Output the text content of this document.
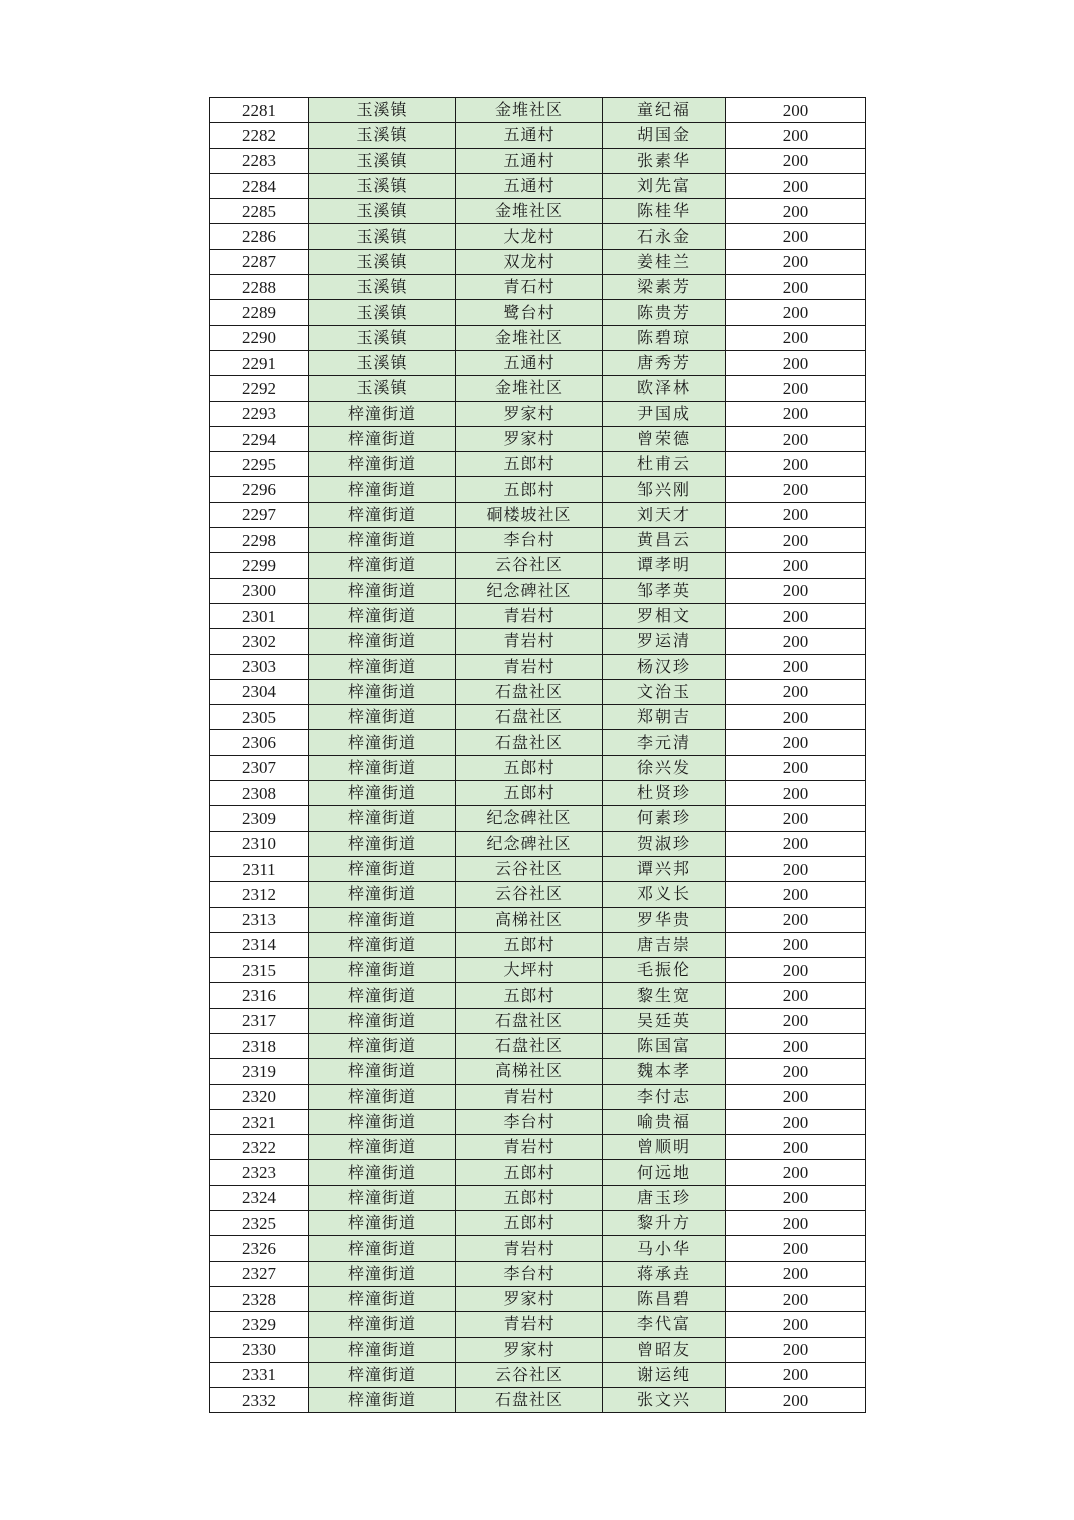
2281	玉溪镇	金堆社区	童纪福	200
2282	玉溪镇	五通村	胡国金	200
2283	玉溪镇	五通村	张素华	200
2284	玉溪镇	五通村	刘先富	200
2285	玉溪镇	金堆社区	陈桂华	200
2286	玉溪镇	大龙村	石永金	200
2287	玉溪镇	双龙村	姜桂兰	200
2288	玉溪镇	青石村	梁素芳	200
2289	玉溪镇	鹭台村	陈贵芳	200
2290	玉溪镇	金堆社区	陈碧琼	200
2291	玉溪镇	五通村	唐秀芳	200
2292	玉溪镇	金堆社区	欧泽林	200
2293	梓潼街道	罗家村	尹国成	200
2294	梓潼街道	罗家村	曾荣德	200
2295	梓潼街道	五郎村	杜甫云	200
2296	梓潼街道	五郎村	邹兴刚	200
2297	梓潼街道	硐楼坡社区	刘天才	200
2298	梓潼街道	李台村	黄昌云	200
2299	梓潼街道	云谷社区	谭孝明	200
2300	梓潼街道	纪念碑社区	邹孝英	200
2301	梓潼街道	青岩村	罗相文	200
2302	梓潼街道	青岩村	罗运清	200
2303	梓潼街道	青岩村	杨汉珍	200
2304	梓潼街道	石盘社区	文治玉	200
2305	梓潼街道	石盘社区	郑朝吉	200
2306	梓潼街道	石盘社区	李元清	200
2307	梓潼街道	五郎村	徐兴发	200
2308	梓潼街道	五郎村	杜贤珍	200
2309	梓潼街道	纪念碑社区	何素珍	200
2310	梓潼街道	纪念碑社区	贺淑珍	200
2311	梓潼街道	云谷社区	谭兴邦	200
2312	梓潼街道	云谷社区	邓义长	200
2313	梓潼街道	高梯社区	罗华贵	200
2314	梓潼街道	五郎村	唐吉崇	200
2315	梓潼街道	大坪村	毛振伦	200
2316	梓潼街道	五郎村	黎生宽	200
2317	梓潼街道	石盘社区	吴廷英	200
2318	梓潼街道	石盘社区	陈国富	200
2319	梓潼街道	高梯社区	魏本孝	200
2320	梓潼街道	青岩村	李付志	200
2321	梓潼街道	李台村	喻贵福	200
2322	梓潼街道	青岩村	曾顺明	200
2323	梓潼街道	五郎村	何远地	200
2324	梓潼街道	五郎村	唐玉珍	200
2325	梓潼街道	五郎村	黎升方	200
2326	梓潼街道	青岩村	马小华	200
2327	梓潼街道	李台村	蒋承垚	200
2328	梓潼街道	罗家村	陈昌碧	200
2329	梓潼街道	青岩村	李代富	200
2330	梓潼街道	罗家村	曾昭友	200
2331	梓潼街道	云谷社区	谢运纯	200
2332	梓潼街道	石盘社区	张文兴	200
